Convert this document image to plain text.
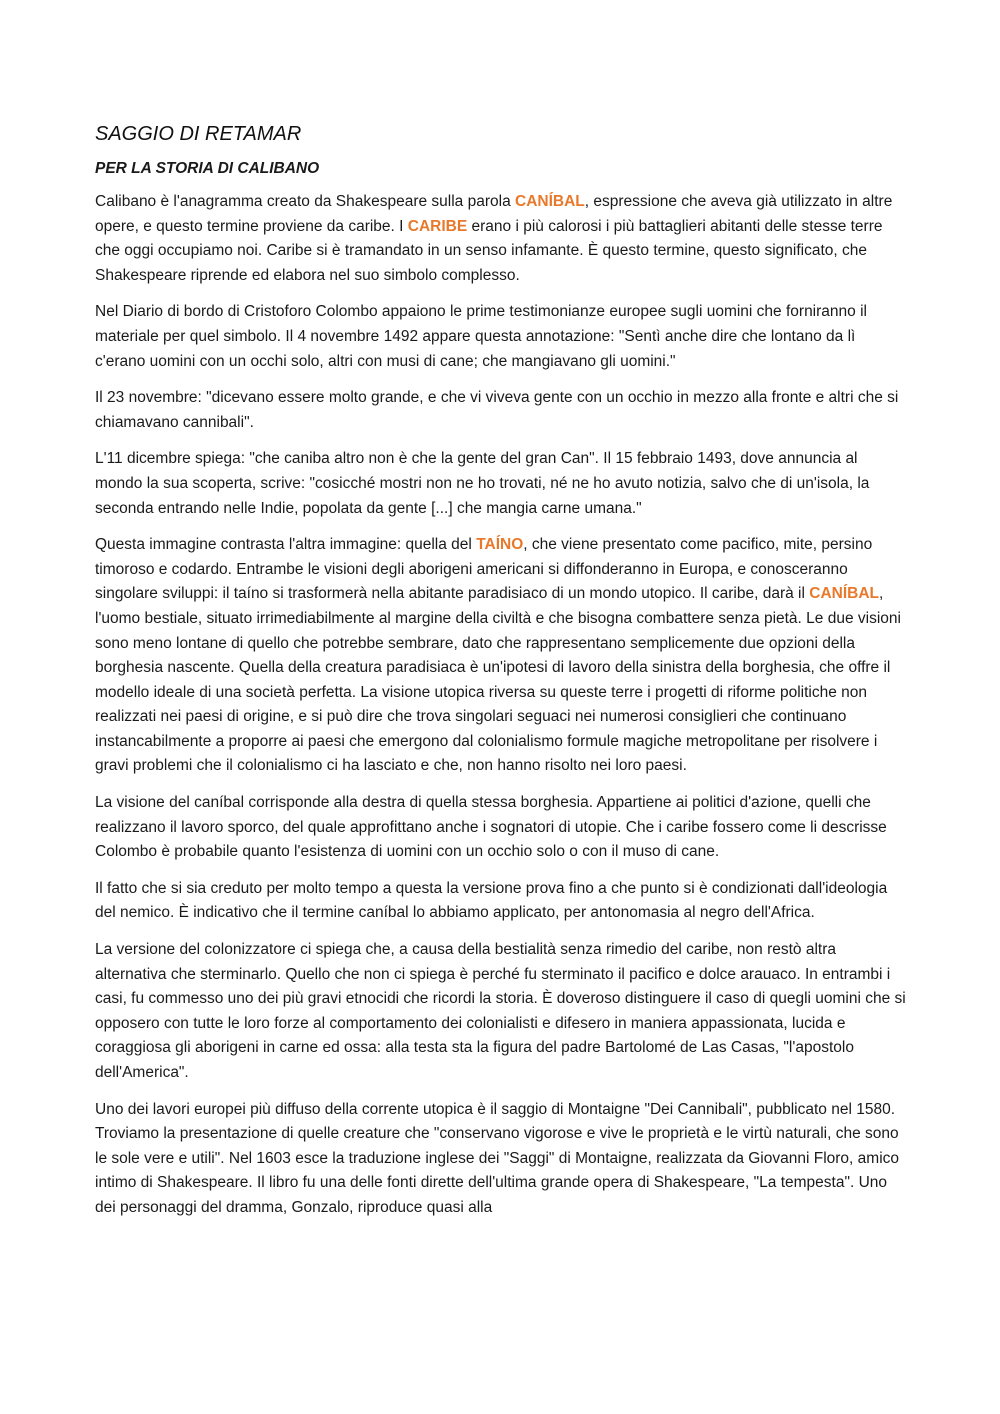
SAGGIO DI RETAMAR
PER LA STORIA DI CALIBANO

Calibano è l'anagramma creato da Shakespeare sulla parola CANÍBAL, espressione che aveva già utilizzato in altre opere, e questo termine proviene da caribe. I CARIBE erano i più calorosi i più battaglieri abitanti delle stesse terre che oggi occupiamo noi. Caribe si è tramandato in un senso infamante. È questo termine, questo significato, che Shakespeare riprende ed elabora nel suo simbolo complesso.

Nel Diario di bordo di Cristoforo Colombo appaiono le prime testimonianze europee sugli uomini che forniranno il materiale per quel simbolo. Il 4 novembre 1492 appare questa annotazione: "Sentì anche dire che lontano da lì c'erano uomini con un occhi solo, altri con musi di cane; che mangiavano gli uomini."

Il 23 novembre: "dicevano essere molto grande, e che vi viveva gente con un occhio in mezzo alla fronte e altri che si chiamavano cannibali".

L'11 dicembre spiega: "che caniba altro non è che la gente del gran Can". Il 15 febbraio 1493, dove annuncia al mondo la sua scoperta, scrive: "cosicché mostri non ne ho trovati, né ne ho avuto notizia, salvo che di un'isola, la seconda entrando nelle Indie, popolata da gente [...] che mangia carne umana."

Questa immagine contrasta l'altra immagine: quella del TAÍNO, che viene presentato come pacifico, mite, persino timoroso e codardo. Entrambe le visioni degli aborigeni americani si diffonderanno in Europa, e conosceranno singolare sviluppi: il taíno si trasformerà nella abitante paradisiaco di un mondo utopico. Il caribe, darà il CANÍBAL, l'uomo bestiale, situato irrimediabilmente al margine della civiltà e che bisogna combattere senza pietà. Le due visioni sono meno lontane di quello che potrebbe sembrare, dato che rappresentano semplicemente due opzioni della borghesia nascente. Quella della creatura paradisiaca è un'ipotesi di lavoro della sinistra della borghesia, che offre il modello ideale di una società perfetta. La visione utopica riversa su queste terre i progetti di riforme politiche non realizzati nei paesi di origine, e si può dire che trova singolari seguaci nei numerosi consiglieri che continuano instancabilmente a proporre ai paesi che emergono dal colonialismo formule magiche metropolitane per risolvere i gravi problemi che il colonialismo ci ha lasciato e che, non hanno risolto nei loro paesi.

La visione del caníbal corrisponde alla destra di quella stessa borghesia. Appartiene ai politici d'azione, quelli che realizzano il lavoro sporco, del quale approfittano anche i sognatori di utopie. Che i caribe fossero come li descrisse Colombo è probabile quanto l'esistenza di uomini con un occhio solo o con il muso di cane.

Il fatto che si sia creduto per molto tempo a questa la versione prova fino a che punto si è condizionati dall'ideologia del nemico. È indicativo che il termine caníbal lo abbiamo applicato, per antonomasia al negro dell'Africa.

La versione del colonizzatore ci spiega che, a causa della bestialità senza rimedio del caribe, non restò altra alternativa che sterminarlo. Quello che non ci spiega è perché fu sterminato il pacifico e dolce arauaco. In entrambi i casi, fu commesso uno dei più gravi etnocidi che ricordi la storia. È doveroso distinguere il caso di quegli uomini che si opposero con tutte le loro forze al comportamento dei colonialisti e difesero in maniera appassionata, lucida e coraggiosa gli aborigeni in carne ed ossa: alla testa sta la figura del padre Bartolomé de Las Casas, "l'apostolo dell'America".

Uno dei lavori europei più diffuso della corrente utopica è il saggio di Montaigne "Dei Cannibali", pubblicato nel 1580. Troviamo la presentazione di quelle creature che "conservano vigorose e vive le proprietà e le virtù naturali, che sono le sole vere e utili". Nel 1603 esce la traduzione inglese dei "Saggi" di Montaigne, realizzata da Giovanni Floro, amico intimo di Shakespeare. Il libro fu una delle fonti dirette dell'ultima grande opera di Shakespeare, "La tempesta". Uno dei personaggi del dramma, Gonzalo, riproduce quasi alla
